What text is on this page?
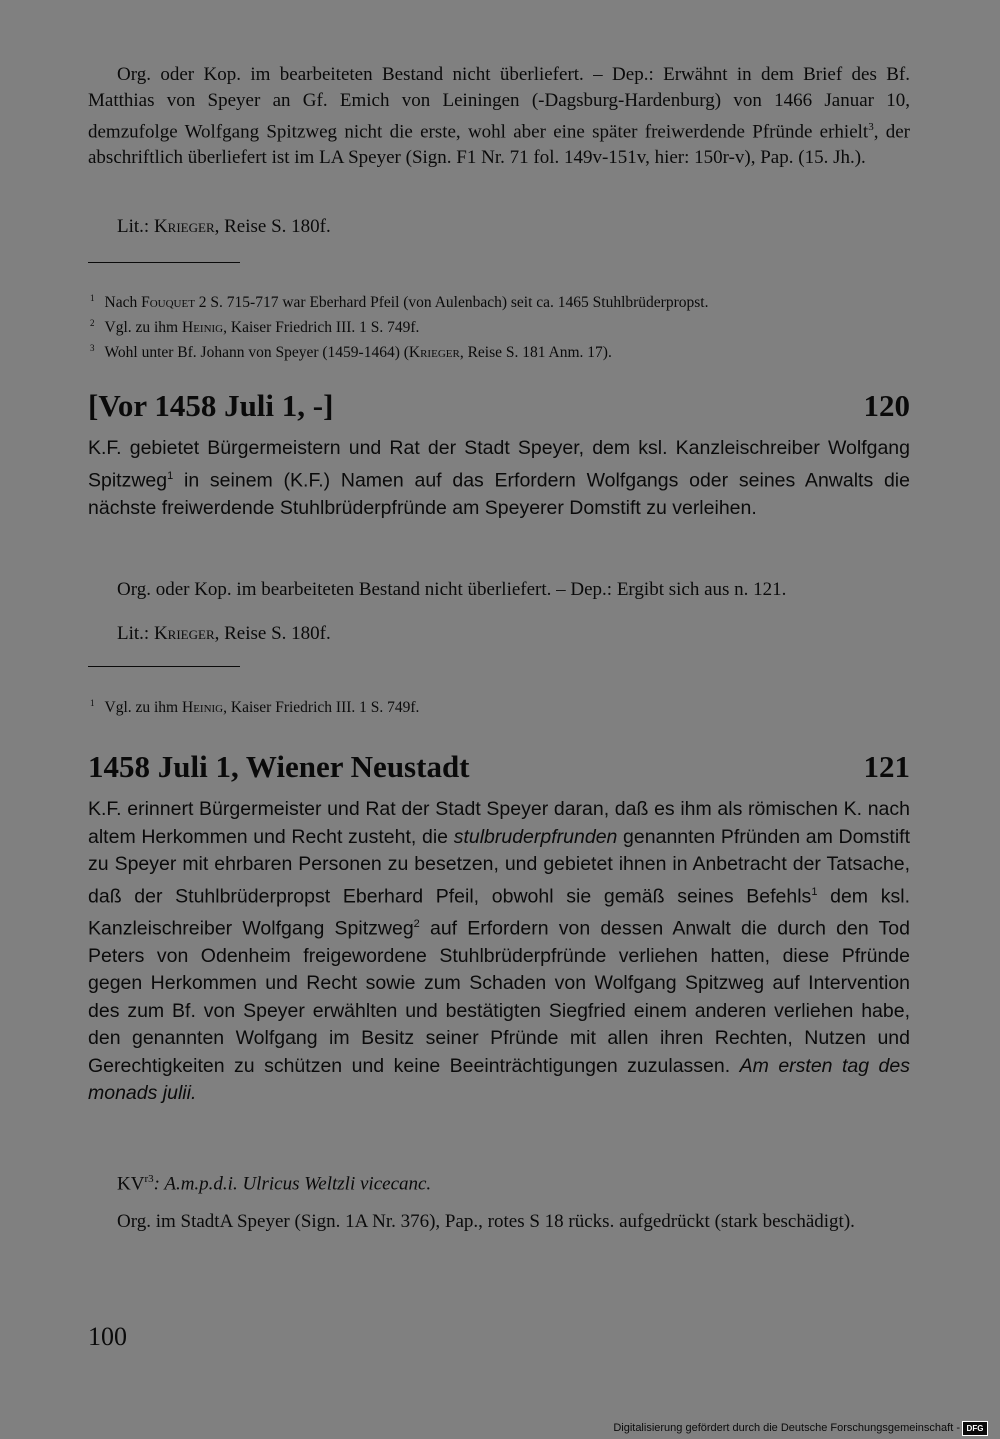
Org. oder Kop. im bearbeiteten Bestand nicht überliefert. – Dep.: Erwähnt in dem Brief des Bf. Matthias von Speyer an Gf. Emich von Leiningen (-Dagsburg-Hardenburg) von 1466 Januar 10, demzufolge Wolfgang Spitzweg nicht die erste, wohl aber eine später freiwerdende Pfründe erhielt$^3$, der abschriftlich überliefert ist im LA Speyer (Sign. F1 Nr. 71 fol. 149v-151v, hier: 150r-v), Pap. (15. Jh.).

Lit.: Krieger, Reise S. 180f.

$^1$ Nach Fouquet 2 S. 715-717 war Eberhard Pfeil (von Aulenbach) seit ca. 1465 Stuhlbrüderpropst.

$^2$ Vgl. zu ihm Heinig, Kaiser Friedrich III. 1 S. 749f.

$^3$ Wohl unter Bf. Johann von Speyer (1459-1464) (Krieger, Reise S. 181 Anm. 17).

[Vor 1458 Juli 1, -]	120

K.F. gebietet Bürgermeistern und Rat der Stadt Speyer, dem ksl. Kanzleischreiber Wolfgang Spitzweg$^1$ in seinem (K.F.) Namen auf das Erfordern Wolfgangs oder seines Anwalts die nächste freiwerdende Stuhlbrüderpfründe am Speyerer Domstift zu verleihen.

Org. oder Kop. im bearbeiteten Bestand nicht überliefert. – Dep.: Ergibt sich aus n. 121.

Lit.: Krieger, Reise S. 180f.

$^1$ Vgl. zu ihm Heinig, Kaiser Friedrich III. 1 S. 749f.

1458 Juli 1, Wiener Neustadt	121

K.F. erinnert Bürgermeister und Rat der Stadt Speyer daran, daß es ihm als römischen K. nach altem Herkommen und Recht zusteht, die stulbruderpfrunden genannten Pfründen am Domstift zu Speyer mit ehrbaren Personen zu besetzen, und gebietet ihnen in Anbetracht der Tatsache, daß der Stuhlbrüderpropst Eberhard Pfeil, obwohl sie gemäß seines Befehls$^1$ dem ksl. Kanzleischreiber Wolfgang Spitzweg$^2$ auf Erfordern von dessen Anwalt die durch den Tod Peters von Odenheim freigewordene Stuhlbrüderpfründe verliehen hatten, diese Pfründe gegen Herkommen und Recht sowie zum Schaden von Wolfgang Spitzweg auf Intervention des zum Bf. von Speyer erwählten und bestätigten Siegfried einem anderen verliehen habe, den genannten Wolfgang im Besitz seiner Pfründe mit allen ihren Rechten, Nutzen und Gerechtigkeiten zu schützen und keine Beeinträchtigungen zuzulassen. Am ersten tag des monads julii.

$KV^{r3}$: A.m.p.d.i. Ulricus Weltzli vicecanc.

Org. im StadtA Speyer (Sign. 1A Nr. 376), Pap., rotes S 18 rücks. aufgedrückt (stark beschädigt).

100
Digitalisierung gefördert durch die Deutsche Forschungsgemeinschaft - DFG
